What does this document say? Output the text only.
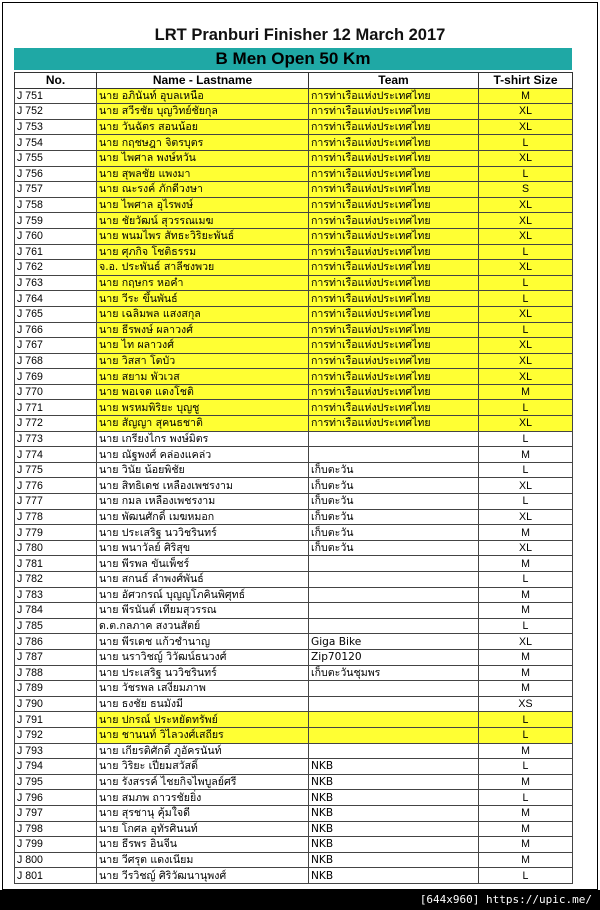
LRT Pranburi Finisher 12 March 2017
B Men Open 50 Km
No.	Name - Lastname	Team	T-shirt Size
J 751	นาย อภินันท์ อุบลเหนือ	การท่าเรือแห่งประเทศไทย	M
J 752	นาย สวีรชัย บุญวิทย์ชัยกุล	การท่าเรือแห่งประเทศไทย	XL
J 753	นาย วันฉัตร สอนน้อย	การท่าเรือแห่งประเทศไทย	XL
J 754	นาย กฤชษฎา จิตรบุตร	การท่าเรือแห่งประเทศไทย	L
J 755	นาย ไพศาล พงษ์หวัน	การท่าเรือแห่งประเทศไทย	XL
J 756	นาย สุพลชัย แพงมา	การท่าเรือแห่งประเทศไทย	L
J 757	นาย ณะรงค์ ภักดีวงษา	การท่าเรือแห่งประเทศไทย	S
J 758	นาย ไพศาล อุไรพงษ์	การท่าเรือแห่งประเทศไทย	XL
J 759	นาย ชัยวัฒน์ สุวรรณเมฆ	การท่าเรือแห่งประเทศไทย	XL
J 760	นาย พนมไพร สัทธะวิริยะพันธ์	การท่าเรือแห่งประเทศไทย	XL
J 761	นาย ศุภกิจ โชติธรรม	การท่าเรือแห่งประเทศไทย	L
J 762	จ.อ. ประพันธ์ สาลีชงพวย	การท่าเรือแห่งประเทศไทย	XL
J 763	นาย กฤษกร หอคำ	การท่าเรือแห่งประเทศไทย	L
J 764	นาย วีระ ขึ้นพันธ์	การท่าเรือแห่งประเทศไทย	L
J 765	นาย เฉลิมพล แสงสกุล	การท่าเรือแห่งประเทศไทย	XL
J 766	นาย ธีรพงษ์ ผลาวงศ์	การท่าเรือแห่งประเทศไทย	L
J 767	นาย ไท ผลาวงศ์	การท่าเรือแห่งประเทศไทย	XL
J 768	นาย วิสสา โตบัว	การท่าเรือแห่งประเทศไทย	XL
J 769	นาย สยาม พัวเวส	การท่าเรือแห่งประเทศไทย	XL
J 770	นาย พอเจต แดงโชติ	การท่าเรือแห่งประเทศไทย	M
J 771	นาย พรหมพิริยะ บุญชู	การท่าเรือแห่งประเทศไทย	L
J 772	นาย สัญญา สุคนธชาติ	การท่าเรือแห่งประเทศไทย	XL
J 773	นาย เกรียงไกร พงษ์มิตร		L
J 774	นาย ณัฐพงศ์ คล่องแคล่ว		M
J 775	นาย วินัย น้อยพิชัย	เก็บตะวัน	L
J 776	นาย สิทธิเดช เหลืองเพชรงาม	เก็บตะวัน	XL
J 777	นาย กมล เหลืองเพชรงาม	เก็บตะวัน	L
J 778	นาย พัฒนศักดิ์ เมฆหมอก	เก็บตะวัน	XL
J 779	นาย ประเสริฐ นววิชรินทร์	เก็บตะวัน	M
J 780	นาย พนาวัลย์ ศิริสุข	เก็บตะวัน	XL
J 781	นาย พีรพล ขันเพ็ชร์		M
J 782	นาย สกนธ์ ลำพงศ์พันธ์		L
J 783	นาย อัศวกรณ์ บุญญโภคินพิศุทธ์		M
J 784	นาย พีรนันต์ เทียมสุวรรณ		M
J 785	ด.ต.กลภาค สงวนสัตย์		L
J 786	นาย พีรเดช แก้วชำนาญ	Giga Bike	XL
J 787	นาย นราวิชญ์ วิวัฒน์ธนวงศ์	Zip70120	M
J 788	นาย ประเสริฐ นววิชรินทร์	เก็บตะวันชุมพร	M
J 789	นาย วัชรพล เสงี่ยมภาพ		M
J 790	นาย ธงชัย ธนมังมี		XS
J 791	นาย ปกรณ์ ประหยัดทรัพย์		L
J 792	นาย ชานนท์ วิไลวงศ์เสถียร		L
J 793	นาย เกียรติศักดิ์ ภูอัครนันท์		M
J 794	นาย วิริยะ เปี่ยมสวัสดิ์	NKB	L
J 795	นาย รังสรรค์ ไชยกิจไพบูลย์ศรี	NKB	M
J 796	นาย สมภพ ถาวรชัยยิ่ง	NKB	L
J 797	นาย สุรชานุ คุ้มใจดี	NKB	M
J 798	นาย โกศล อุทัรศินนท์	NKB	M
J 799	นาย ธีรพร อินจีน	NKB	M
J 800	นาย วีศรุต แดงเนียม	NKB	M
J 801	นาย วีรวิชญ์ ศิริวัฒนานุพงศ์	NKB	L
[644x960] https://upic.me/
